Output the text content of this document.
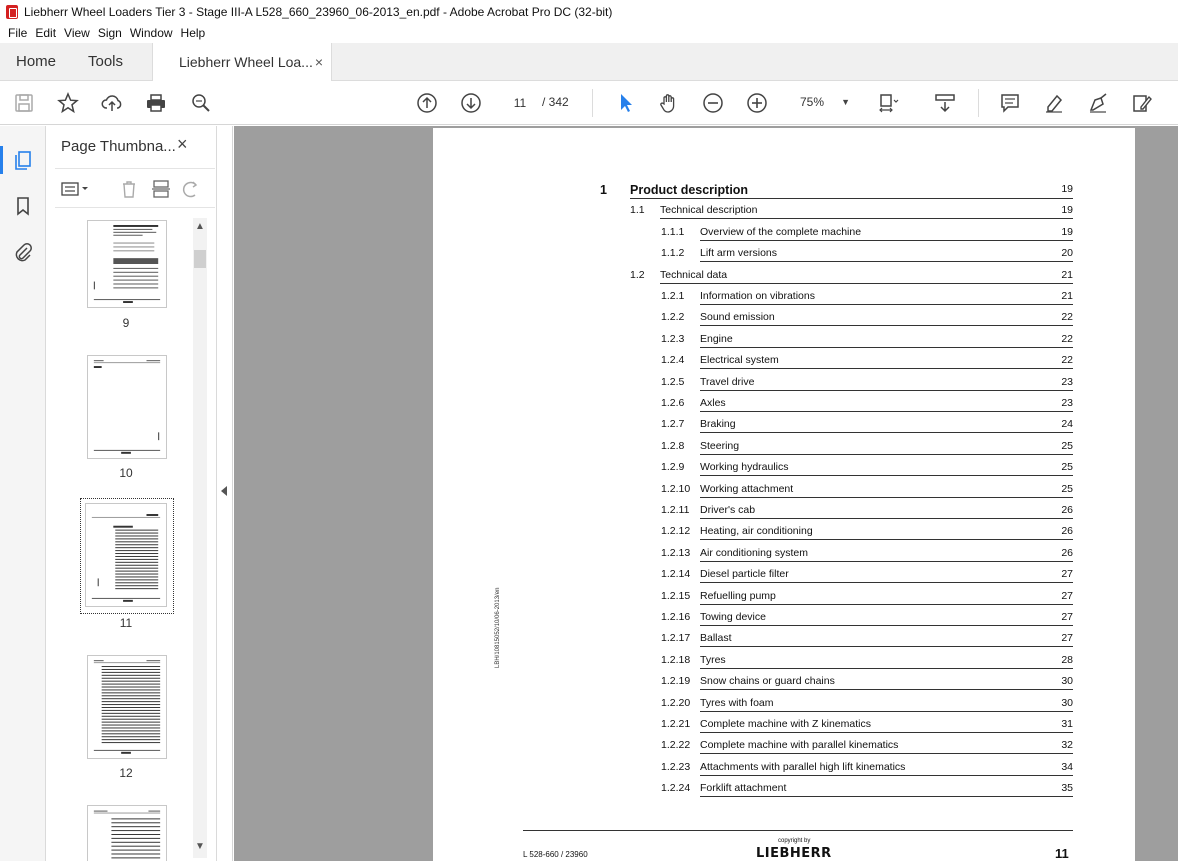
Liebherr Wheel Loaders Tier 3 - Stage III-A L528_660_23960_06-2013_en.pdf - Adobe Acrobat Pro DC (32-bit)
File Edit View Sign Window Help
Home Tools	Liebherr Wheel Loa... ×
11	/ 342	75% ▼
Page Thumbna... ×
9
10
11
12
▲
▼
1 Product description	19
1.1 Technical description	19
1.1.1 Overview of the complete machine	19
1.1.2 Lift arm versions	20
1.2 Technical data	21
1.2.1 Information on vibrations	21
1.2.2 Sound emission	22
1.2.3 Engine	22
1.2.4 Electrical system	22
1.2.5 Travel drive	23
1.2.6 Axles	23
1.2.7 Braking	24
1.2.8 Steering	25
1.2.9 Working hydraulics	25
1.2.10 Working attachment	25
1.2.11 Driver's cab	26
1.2.12 Heating, air conditioning	26
1.2.13 Air conditioning system	26
1.2.14 Diesel particle filter	27
1.2.15 Refuelling pump	27
1.2.16 Towing device	27
1.2.17 Ballast	27
1.2.18 Tyres	28
1.2.19 Snow chains or guard chains	30
1.2.20 Tyres with foam	30
1.2.21 Complete machine with Z kinematics	31
1.2.22 Complete machine with parallel kinematics	32
1.2.23 Attachments with parallel high lift kinematics	34
1.2.24 Forklift attachment	35
LBH/10815052/10/06-2013/en
L 528-660 / 23960
copyright by
LIEBHERR	11
